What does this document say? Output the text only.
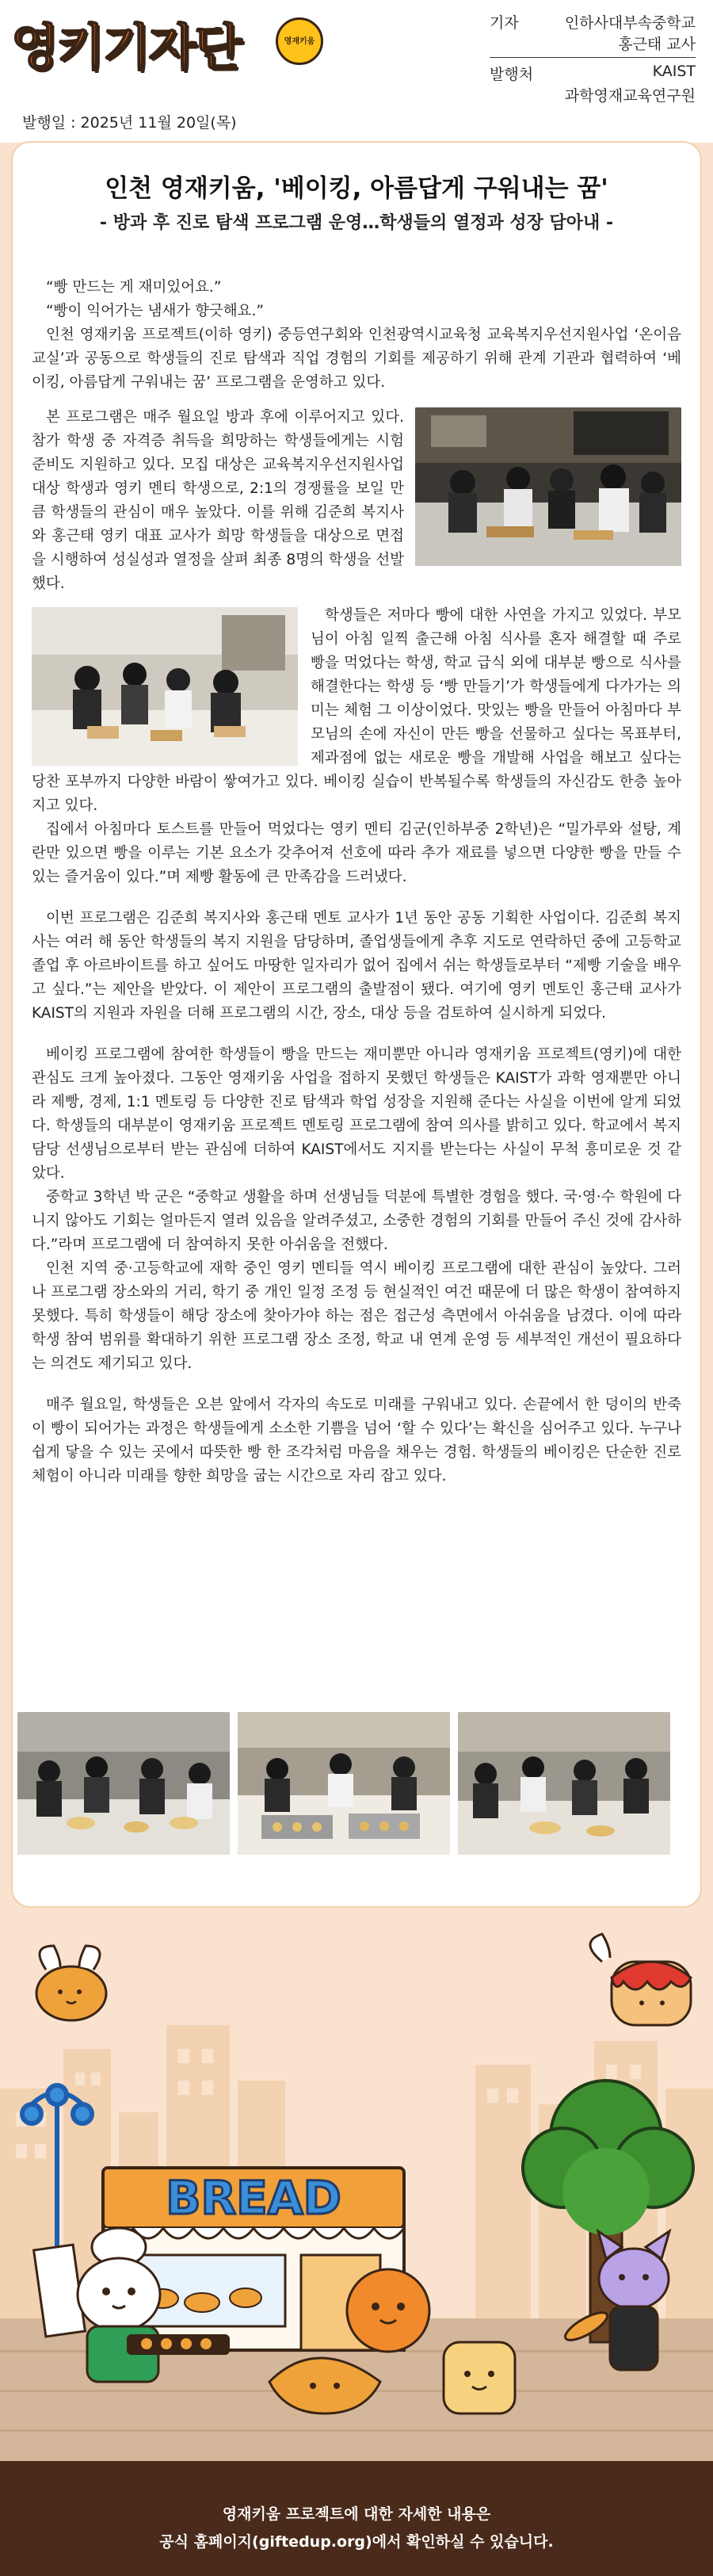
영키기자단	영재키움
기자	인하사대부속중학교
홍근태 교사
발행처	KAIST
과학영재교육연구원
발행일 : 2025년 11월 20일(목)
인천 영재키움, '베이킹, 아름답게 구워내는 꿈'
- 방과 후 진로 탐색 프로그램 운영…학생들의 열정과 성장 담아내 -

“빵 만드는 게 재미있어요.”

“빵이 익어가는 냄새가 향긋해요.”

인천 영재키움 프로젝트(이하 영키) 중등연구회와 인천광역시교육청 교육복지우선지원사업 ‘온이음교실’과 공동으로 학생들의 진로 탐색과 직업 경험의 기회를 제공하기 위해 관계 기관과 협력하여 ‘베이킹, 아름답게 구워내는 꿈’ 프로그램을 운영하고 있다.

본 프로그램은 매주 월요일 방과 후에 이루어지고 있다. 참가 학생 중 자격증 취득을 희망하는 학생들에게는 시험 준비도 지원하고 있다. 모집 대상은 교육복지우선지원사업 대상 학생과 영키 멘티 학생으로, 2:1의 경쟁률을 보일 만큼 학생들의 관심이 매우 높았다. 이를 위해 김준희 복지사와 홍근태 영키 대표 교사가 희망 학생들을 대상으로 면접을 시행하여 성실성과 열정을 살펴 최종 8명의 학생을 선발했다.

학생들은 저마다 빵에 대한 사연을 가지고 있었다. 부모님이 아침 일찍 출근해 아침 식사를 혼자 해결할 때 주로 빵을 먹었다는 학생, 학교 급식 외에 대부분 빵으로 식사를 해결한다는 학생 등 ‘빵 만들기’가 학생들에게 다가가는 의미는 체험 그 이상이었다. 맛있는 빵을 만들어 아침마다 부모님의 손에 자신이 만든 빵을 선물하고 싶다는 목표부터, 제과점에 없는 새로운 빵을 개발해 사업을 해보고 싶다는 당찬 포부까지 다양한 바람이 쌓여가고 있다. 베이킹 실습이 반복될수록 학생들의 자신감도 한층 높아지고 있다.

집에서 아침마다 토스트를 만들어 먹었다는 영키 멘티 김군(인하부중 2학년)은 “밀가루와 설탕, 계란만 있으면 빵을 이루는 기본 요소가 갖추어져 선호에 따라 추가 재료를 넣으면 다양한 빵을 만들 수 있는 즐거움이 있다.”며 제빵 활동에 큰 만족감을 드러냈다.

이번 프로그램은 김준희 복지사와 홍근태 멘토 교사가 1년 동안 공동 기획한 사업이다. 김준희 복지사는 여러 해 동안 학생들의 복지 지원을 담당하며, 졸업생들에게 추후 지도로 연락하던 중에 고등학교 졸업 후 아르바이트를 하고 싶어도 마땅한 일자리가 없어 집에서 쉬는 학생들로부터 “제빵 기술을 배우고 싶다.”는 제안을 받았다. 이 제안이 프로그램의 출발점이 됐다. 여기에 영키 멘토인 홍근태 교사가 KAIST의 지원과 자원을 더해 프로그램의 시간, 장소, 대상 등을 검토하여 실시하게 되었다.

베이킹 프로그램에 참여한 학생들이 빵을 만드는 재미뿐만 아니라 영재키움 프로젝트(영키)에 대한 관심도 크게 높아졌다. 그동안 영재키움 사업을 접하지 못했던 학생들은 KAIST가 과학 영재뿐만 아니라 제빵, 경제, 1:1 멘토링 등 다양한 진로 탐색과 학업 성장을 지원해 준다는 사실을 이번에 알게 되었다. 학생들의 대부분이 영재키움 프로젝트 멘토링 프로그램에 참여 의사를 밝히고 있다. 학교에서 복지 담당 선생님으로부터 받는 관심에 더하여 KAIST에서도 지지를 받는다는 사실이 무척 흥미로운 것 같았다.

중학교 3학년 박 군은 “중학교 생활을 하며 선생님들 덕분에 특별한 경험을 했다. 국·영·수 학원에 다니지 않아도 기회는 얼마든지 열려 있음을 알려주셨고, 소중한 경험의 기회를 만들어 주신 것에 감사하다.”라며 프로그램에 더 참여하지 못한 아쉬움을 전했다.

인천 지역 중·고등학교에 재학 중인 영키 멘티들 역시 베이킹 프로그램에 대한 관심이 높았다. 그러나 프로그램 장소와의 거리, 학기 중 개인 일정 조정 등 현실적인 여건 때문에 더 많은 학생이 참여하지 못했다. 특히 학생들이 해당 장소에 찾아가야 하는 점은 접근성 측면에서 아쉬움을 남겼다. 이에 따라 학생 참여 범위를 확대하기 위한 프로그램 장소 조정, 학교 내 연계 운영 등 세부적인 개선이 필요하다는 의견도 제기되고 있다.

매주 월요일, 학생들은 오븐 앞에서 각자의 속도로 미래를 구워내고 있다. 손끝에서 한 덩이의 반죽이 빵이 되어가는 과정은 학생들에게 소소한 기쁨을 넘어 ‘할 수 있다’는 확신을 심어주고 있다. 누구나 쉽게 닿을 수 있는 곳에서 따뜻한 빵 한 조각처럼 마음을 채우는 경험. 학생들의 베이킹은 단순한 진로 체험이 아니라 미래를 향한 희망을 굽는 시간으로 자리 잡고 있다.

BREAD
영재키움 프로젝트에 대한 자세한 내용은
공식 홈페이지(giftedup.org)에서 확인하실 수 있습니다.
